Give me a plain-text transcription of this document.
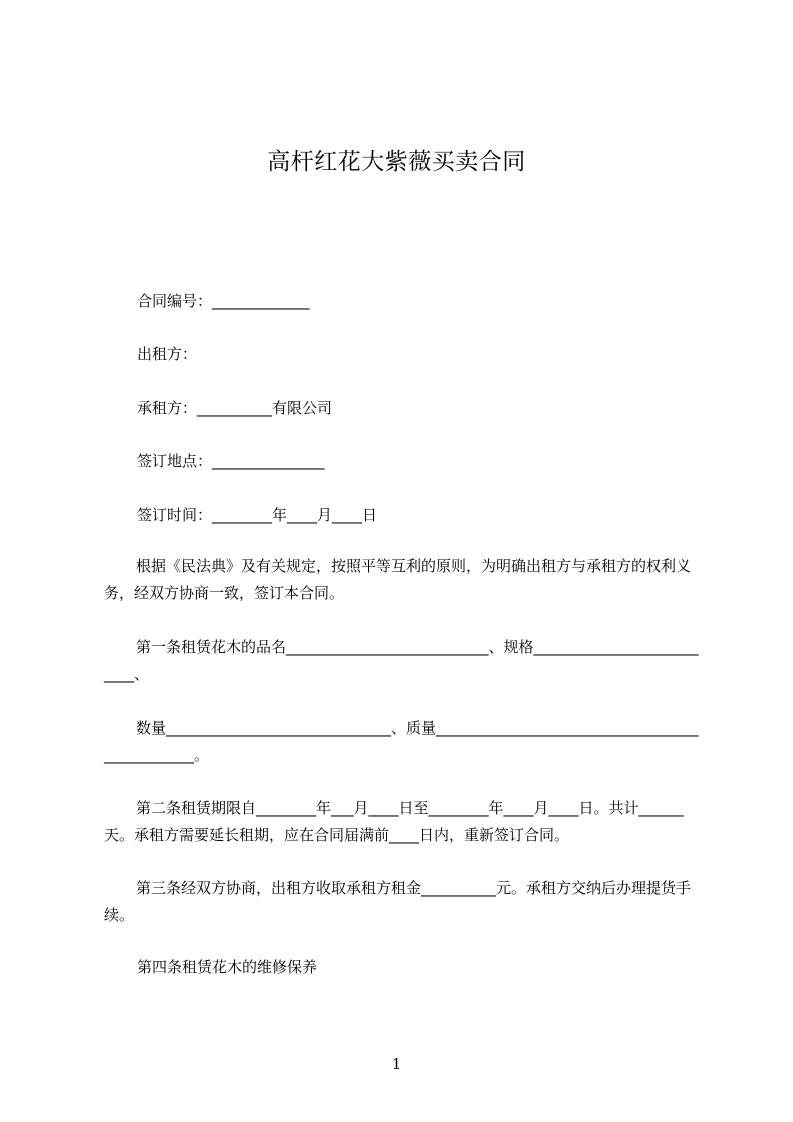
高杆红花大紫薇买卖合同
合同编号：_____________
出租方：
承租方：__________有限公司
签订地点：_______________
签订时间：________年____月____日
根据《民法典》及有关规定，按照平等互利的原则，为明确出租方与承租方的权利义务，经双方协商一致，签订本合同。
第一条租赁花木的品名___________________________、规格__________________________、
数量______________________________、质量_______________________________________________。
第二条租赁期限自________年___月____日至________年____月____日。共计______天。承租方需要延长租期，应在合同届满前____日内，重新签订合同。
第三条经双方协商，出租方收取承租方租金__________元。承租方交纳后办理提货手续。
第四条租赁花木的维修保养
1
